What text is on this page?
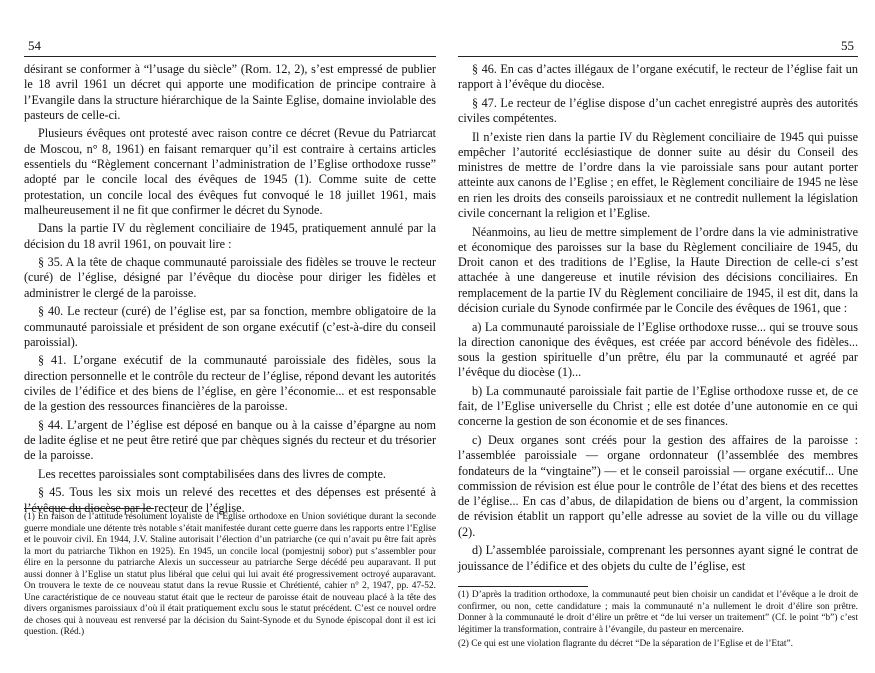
54

désirant se conformer à “l’usage du siècle” (Rom. 12, 2), s’est empressé de publier le 18 avril 1961 un décret qui apporte une modification de principe contraire à l’Evangile dans la structure hiérarchique de la Sainte Eglise, domaine inviolable des pasteurs de celle-ci.

Plusieurs évêques ont protesté avec raison contre ce décret (Revue du Patriarcat de Moscou, n° 8, 1961) en faisant remarquer qu’il est contraire à certains articles essentiels du “Règlement concernant l’administration de l’Eglise orthodoxe russe” adopté par le concile local des évêques de 1945 (1). Comme suite de cette protestation, un concile local des évêques fut convoqué le 18 juillet 1961, mais malheureusement il ne fit que confirmer le décret du Synode.

Dans la partie IV du règlement conciliaire de 1945, pratiquement annulé par la décision du 18 avril 1961, on pouvait lire :

§ 35. A la tête de chaque communauté paroissiale des fidèles se trouve le recteur (curé) de l’église, désigné par l’évêque du diocèse pour diriger les fidèles et administrer le clergé de la paroisse.

§ 40. Le recteur (curé) de l’église est, par sa fonction, membre obligatoire de la communauté paroissiale et président de son organe exécutif (c’est-à-dire du conseil paroissial).

§ 41. L’organe exécutif de la communauté paroissiale des fidèles, sous la direction personnelle et le contrôle du recteur de l’église, répond devant les autorités civiles de l’édifice et des biens de l’église, en gère l’économie... et est responsable de la gestion des ressources financières de la paroisse.

§ 44. L’argent de l’église est déposé en banque ou à la caisse d’épargne au nom de ladite église et ne peut être retiré que par chèques signés du recteur et du trésorier de la paroisse.

Les recettes paroissiales sont comptabilisées dans des livres de compte.

§ 45. Tous les six mois un relevé des recettes et des dépenses est présenté à l’évêque du diocèse par le recteur de l’église.

(1) En raison de l’attitude résolument loyaliste de l’Eglise orthodoxe en Union soviétique durant la seconde guerre mondiale une détente très notable s’était manifestée durant cette guerre dans les rapports entre l’Eglise et le pouvoir civil. En 1944, J.V. Staline autorisait l’élection d’un patriarche (ce qui n’avait pu être fait après la mort du patriarche Tikhon en 1925). En 1945, un concile local (pomjestnij sobor) put s’assembler pour élire en la personne du patriarche Alexis un successeur au patriarche Serge décédé peu auparavant. Il put aussi donner à l’Eglise un statut plus libéral que celui qui lui avait été progressivement octroyé auparavant. On trouvera le texte de ce nouveau statut dans la revue Russie et Chrétienté, cahier n° 2, 1947, pp. 47-52. Une caractéristique de ce nouveau statut était que le recteur de paroisse était de nouveau placé à la tête des divers organismes paroissiaux d’où il était pratiquement exclu sous le statut précédent. C’est ce nouvel ordre de choses qui à nouveau est renversé par la décision du Saint-Synode et du Synode épiscopal dont il est ici question. (Réd.)

55

§ 46. En cas d’actes illégaux de l’organe exécutif, le recteur de l’église fait un rapport à l’évêque du diocèse.

§ 47. Le recteur de l’église dispose d’un cachet enregistré auprès des autorités civiles compétentes.

Il n’existe rien dans la partie IV du Règlement conciliaire de 1945 qui puisse empêcher l’autorité ecclésiastique de donner suite au désir du Conseil des ministres de mettre de l’ordre dans la vie paroissiale sans pour autant porter atteinte aux canons de l’Eglise ; en effet, le Règlement conciliaire de 1945 ne lèse en rien les droits des conseils paroissiaux et ne contredit nullement la législation civile concernant la religion et l’Eglise.

Néanmoins, au lieu de mettre simplement de l’ordre dans la vie administrative et économique des paroisses sur la base du Règlement conciliaire de 1945, du Droit canon et des traditions de l’Eglise, la Haute Direction de celle-ci s’est attachée à une dangereuse et inutile révision des décisions conciliaires. En remplacement de la partie IV du Règlement conciliaire de 1945, il est dit, dans la décision curiale du Synode confirmée par le Concile des évêques de 1961, que :

a) La communauté paroissiale de l’Eglise orthodoxe russe... qui se trouve sous la direction canonique des évêques, est créée par accord bénévole des fidèles... sous la gestion spirituelle d’un prêtre, élu par la communauté et agréé par l’évêque du diocèse (1)...

b) La communauté paroissiale fait partie de l’Eglise orthodoxe russe et, de ce fait, de l’Eglise universelle du Christ ; elle est dotée d’une autonomie en ce qui concerne la gestion de son économie et de ses finances.

c) Deux organes sont créés pour la gestion des affaires de la paroisse : l’assemblée paroissiale — organe ordonnateur (l’assemblée des membres fondateurs de la “vingtaine”) — et le conseil paroissial — organe exécutif... Une commission de révision est élue pour le contrôle de l’état des biens et des recettes de l’église... En cas d’abus, de dilapidation de biens ou d’argent, la commission de révision établit un rapport qu’elle adresse au soviet de la ville ou du village (2).

d) L’assemblée paroissiale, comprenant les personnes ayant signé le contrat de jouissance de l’édifice et des objets du culte de l’église, est

(1) D’après la tradition orthodoxe, la communauté peut bien choisir un candidat et l’évêque a le droit de confirmer, ou non, cette candidature ; mais la communauté n’a nullement le droit d’élire son prêtre. Donner à la communauté le droit d’élire un prêtre et “de lui verser un traitement” (Cf. le point “b”) c’est légitimer la transformation, contraire à l’évangile, du pasteur en mercenaire.

(2) Ce qui est une violation flagrante du décret “De la séparation de l’Eglise et de l’Etat”.
